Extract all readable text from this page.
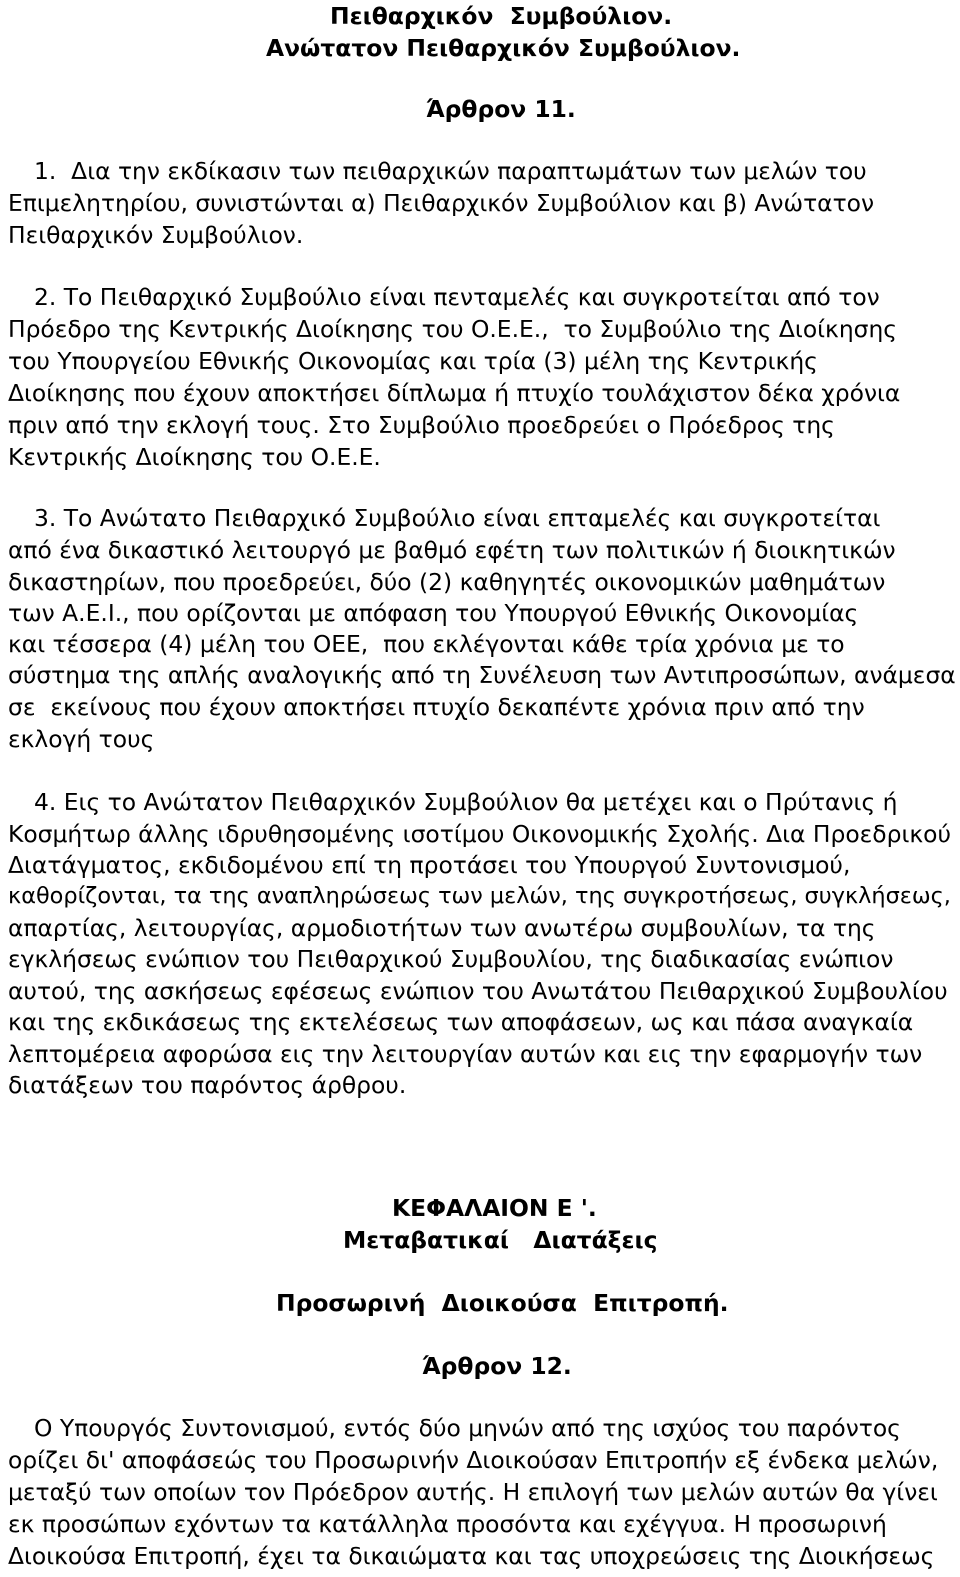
Πειθαρχικόν  Συμβούλιον.
Ανώτατον Πειθαρχικόν Συμβούλιον.
Άρθρον 11.
1.  Δια την εκδίκασιν των πειθαρχικών παραπτωμάτων των μελών του
Επιμελητηρίου, συνιστώνται α) Πειθαρχικόν Συμβούλιον και β) Ανώτατον
Πειθαρχικόν Συμβούλιον.
2. Το Πειθαρχικό Συμβούλιο είναι πενταμελές και συγκροτείται από τον
Πρόεδρο της Κεντρικής Διοίκησης του Ο.Ε.Ε.,  το Συμβούλιο της Διοίκησης
του Υπουργείου Εθνικής Οικονομίας και τρία (3) μέλη της Κεντρικής
Διοίκησης που έχουν αποκτήσει δίπλωμα ή πτυχίο τουλάχιστον δέκα χρόνια
πριν από την εκλογή τους. Στο Συμβούλιο προεδρεύει ο Πρόεδρος της
Κεντρικής Διοίκησης του Ο.Ε.Ε.
3. Το Ανώτατο Πειθαρχικό Συμβούλιο είναι επταμελές και συγκροτείται
από ένα δικαστικό λειτουργό με βαθμό εφέτη των πολιτικών ή διοικητικών
δικαστηρίων, που προεδρεύει, δύο (2) καθηγητές οικονομικών μαθημάτων
των Α.Ε.Ι., που ορίζονται με απόφαση του Υπουργού Εθνικής Οικονομίας
και τέσσερα (4) μέλη του ΟΕΕ,  που εκλέγονται κάθε τρία χρόνια με το
σύστημα της απλής αναλογικής από τη Συνέλευση των Αντιπροσώπων, ανάμεσα
σε  εκείνους που έχουν αποκτήσει πτυχίο δεκαπέντε χρόνια πριν από την
εκλογή τους
4. Εις το Ανώτατον Πειθαρχικόν Συμβούλιον θα μετέχει και ο Πρύτανις ή
Κοσμήτωρ άλλης ιδρυθησομένης ισοτίμου Οικονομικής Σχολής. Δια Προεδρικού
Διατάγματος, εκδιδομένου επί τη προτάσει του Υπουργού Συντονισμού,
καθορίζονται, τα της αναπληρώσεως των μελών, της συγκροτήσεως, συγκλήσεως,
απαρτίας, λειτουργίας, αρμοδιοτήτων των ανωτέρω συμβουλίων, τα της
εγκλήσεως ενώπιον του Πειθαρχικού Συμβουλίου, της διαδικασίας ενώπιον
αυτού, της ασκήσεως εφέσεως ενώπιον του Ανωτάτου Πειθαρχικού Συμβουλίου
και της εκδικάσεως της εκτελέσεως των αποφάσεων, ως και πάσα αναγκαία
λεπτομέρεια αφορώσα εις την λειτουργίαν αυτών και εις την εφαρμογήν των
διατάξεων του παρόντος άρθρου.
ΚΕΦΑΛΑΙΟΝ Ε '.
Μεταβατικαί   Διατάξεις
Προσωρινή  Διοικούσα  Επιτροπή.
Άρθρον 12.
Ο Υπουργός Συντονισμού, εντός δύο μηνών από της ισχύος του παρόντος
ορίζει δι' αποφάσεώς του Προσωρινήν Διοικούσαν Επιτροπήν εξ ένδεκα μελών,
μεταξύ των οποίων τον Πρόεδρον αυτής. Η επιλογή των μελών αυτών θα γίνει
εκ προσώπων εχόντων τα κατάλληλα προσόντα και εχέγγυα. Η προσωρινή
Διοικούσα Επιτροπή, έχει τα δικαιώματα και τας υποχρεώσεις της Διοικήσεως
